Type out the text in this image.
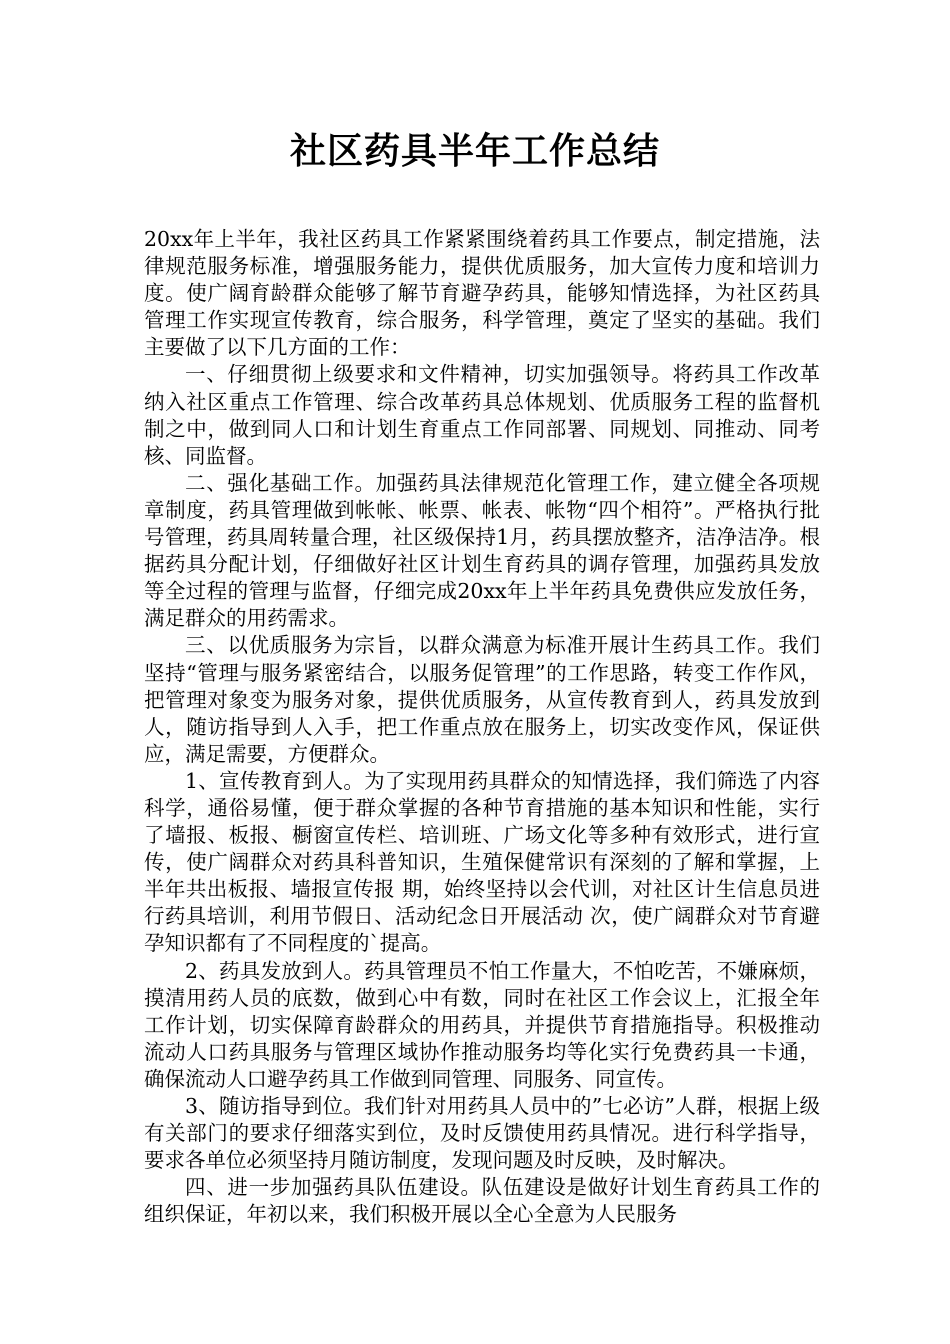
社区药具半年工作总结

20xx年上半年，我社区药具工作紧紧围绕着药具工作要点，制定措施，法律规范服务标准，增强服务能力，提供优质服务，加大宣传力度和培训力度。使广阔育龄群众能够了解节育避孕药具，能够知情选择，为社区药具管理工作实现宣传教育，综合服务，科学管理，奠定了坚实的基础。我们主要做了以下几方面的工作：

一、仔细贯彻上级要求和文件精神，切实加强领导。将药具工作改革纳入社区重点工作管理、综合改革药具总体规划、优质服务工程的监督机制之中，做到同人口和计划生育重点工作同部署、同规划、同推动、同考核、同监督。

二、强化基础工作。加强药具法律规范化管理工作，建立健全各项规章制度，药具管理做到帐帐、帐票、帐表、帐物“四个相符”。严格执行批号管理，药具周转量合理，社区级保持1月，药具摆放整齐，洁净洁净。根据药具分配计划，仔细做好社区计划生育药具的调存管理，加强药具发放等全过程的管理与监督，仔细完成20xx年上半年药具免费供应发放任务，满足群众的用药需求。

三、以优质服务为宗旨，以群众满意为标准开展计生药具工作。我们坚持“管理与服务紧密结合，以服务促管理”的工作思路，转变工作作风，把管理对象变为服务对象，提供优质服务，从宣传教育到人，药具发放到人，随访指导到人入手，把工作重点放在服务上，切实改变作风，保证供应，满足需要，方便群众。

1、宣传教育到人。为了实现用药具群众的知情选择，我们筛选了内容科学，通俗易懂，便于群众掌握的各种节育措施的基本知识和性能，实行了墙报、板报、橱窗宣传栏、培训班、广场文化等多种有效形式，进行宣传，使广阔群众对药具科普知识，生殖保健常识有深刻的了解和掌握，上半年共出板报、墙报宣传报 期，始终坚持以会代训，对社区计生信息员进行药具培训，利用节假日、活动纪念日开展活动 次，使广阔群众对节育避孕知识都有了不同程度的`提高。

2、药具发放到人。药具管理员不怕工作量大，不怕吃苦，不嫌麻烦，摸清用药人员的底数，做到心中有数，同时在社区工作会议上，汇报全年工作计划，切实保障育龄群众的用药具，并提供节育措施指导。积极推动流动人口药具服务与管理区域协作推动服务均等化实行免费药具一卡通，确保流动人口避孕药具工作做到同管理、同服务、同宣传。

3、随访指导到位。我们针对用药具人员中的”七必访”人群，根据上级有关部门的要求仔细落实到位，及时反馈使用药具情况。进行科学指导，要求各单位必须坚持月随访制度，发现问题及时反映，及时解决。

四、进一步加强药具队伍建设。队伍建设是做好计划生育药具工作的组织保证，年初以来，我们积极开展以全心全意为人民服务
